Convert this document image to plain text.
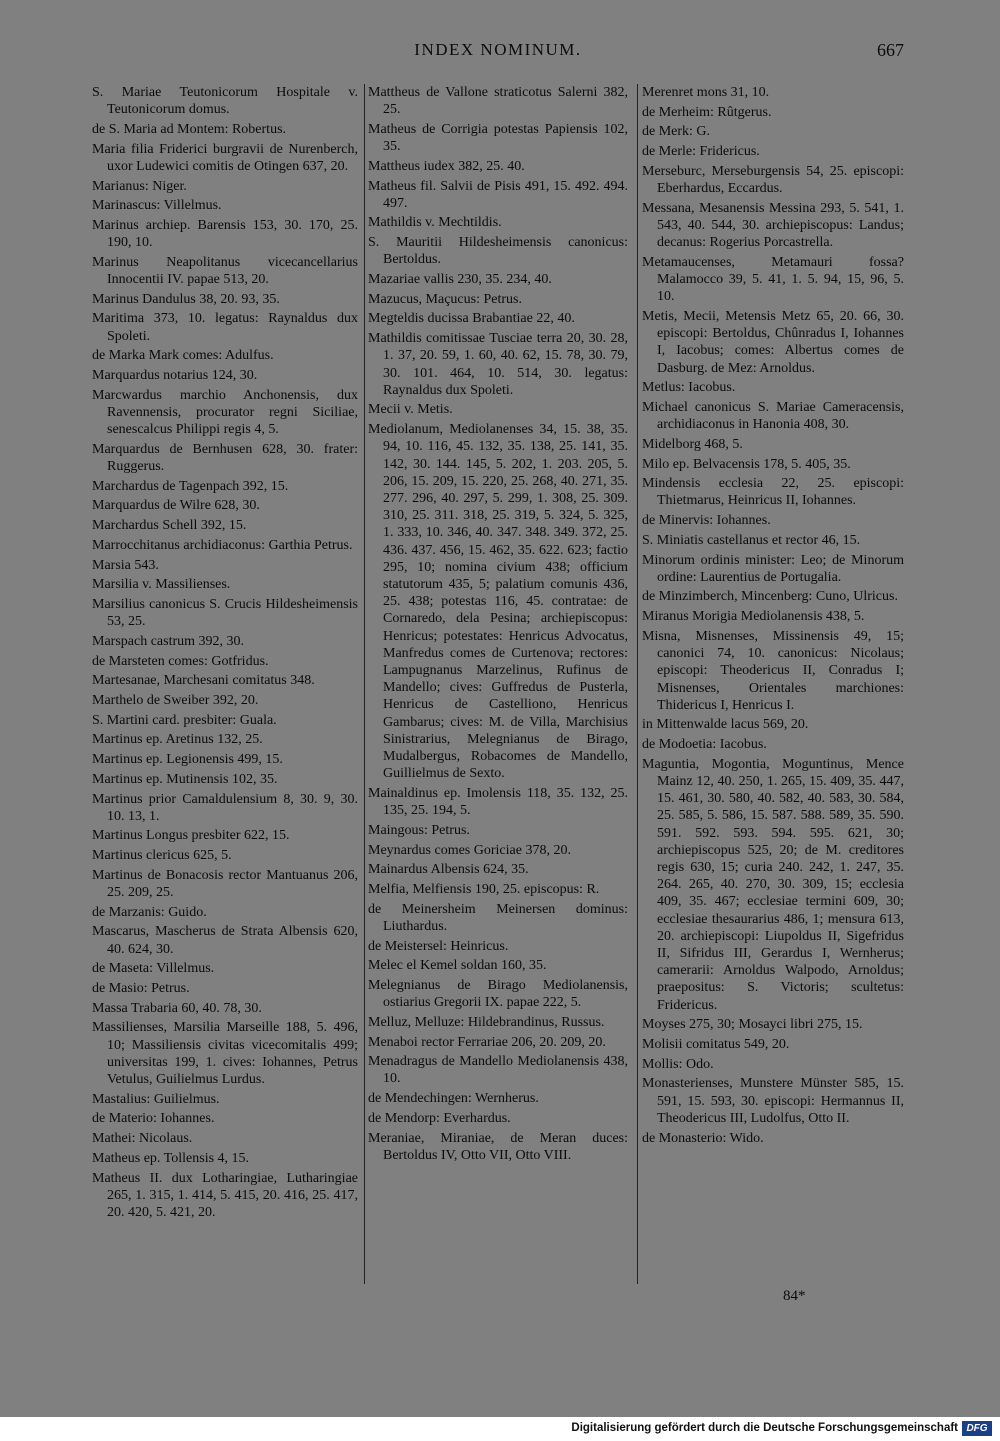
INDEX NOMINUM.	667

S. Mariae Teutonicorum Hospitale v. Teutonicorum domus.

de S. Maria ad Montem: Robertus.

Maria filia Friderici burgravii de Nurenberch, uxor Ludewici comitis de Otingen 637, 20.

Marianus: Niger.

Marinascus: Villelmus.

Marinus archiep. Barensis 153, 30. 170, 25. 190, 10.

Marinus Neapolitanus vicecancellarius Innocentii IV. papae 513, 20.

Marinus Dandulus 38, 20. 93, 35.

Maritima 373, 10. legatus: Raynaldus dux Spoleti.

de Marka Mark comes: Adulfus.

Marquardus notarius 124, 30.

Marcwardus marchio Anchonensis, dux Ravennensis, procurator regni Siciliae, senescalcus Philippi regis 4, 5.

Marquardus de Bernhusen 628, 30. frater: Ruggerus.

Marchardus de Tagenpach 392, 15.

Marquardus de Wilre 628, 30.

Marchardus Schell 392, 15.

Marrocchitanus archidiaconus: Garthia Petrus.

Marsia 543.

Marsilia v. Massilienses.

Marsilius canonicus S. Crucis Hildesheimensis 53, 25.

Marspach castrum 392, 30.

de Marsteten comes: Gotfridus.

Martesanae, Marchesani comitatus 348.

Marthelo de Sweiber 392, 20.

S. Martini card. presbiter: Guala.

Martinus ep. Aretinus 132, 25.

Martinus ep. Legionensis 499, 15.

Martinus ep. Mutinensis 102, 35.

Martinus prior Camaldulensium 8, 30. 9, 30. 10. 13, 1.

Martinus Longus presbiter 622, 15.

Martinus clericus 625, 5.

Martinus de Bonacosis rector Mantuanus 206, 25. 209, 25.

de Marzanis: Guido.

Mascarus, Mascherus de Strata Albensis 620, 40. 624, 30.

de Maseta: Villelmus.

de Masio: Petrus.

Massa Trabaria 60, 40. 78, 30.

Massilienses, Marsilia Marseille 188, 5. 496, 10; Massiliensis civitas vicecomitalis 499; universitas 199, 1. cives: Iohannes, Petrus Vetulus, Guilielmus Lurdus.

Mastalius: Guilielmus.

de Materio: Iohannes.

Mathei: Nicolaus.

Matheus ep. Tollensis 4, 15.

Matheus II. dux Lotharingiae, Lutharingiae 265, 1. 315, 1. 414, 5. 415, 20. 416, 25. 417, 20. 420, 5. 421, 20.

Mattheus de Vallone straticotus Salerni 382, 25.

Matheus de Corrigia potestas Papiensis 102, 35.

Mattheus iudex 382, 25. 40.

Matheus fil. Salvii de Pisis 491, 15. 492. 494. 497.

Mathildis v. Mechtildis.

S. Mauritii Hildesheimensis canonicus: Bertoldus.

Mazariae vallis 230, 35. 234, 40.

Mazucus, Maçucus: Petrus.

Megteldis ducissa Brabantiae 22, 40.

Mathildis comitissae Tusciae terra 20, 30. 28, 1. 37, 20. 59, 1. 60, 40. 62, 15. 78, 30. 79, 30. 101. 464, 10. 514, 30. legatus: Raynaldus dux Spoleti.

Mecii v. Metis.

Mediolanum, Mediolanenses 34, 15. 38, 35. 94, 10. 116, 45. 132, 35. 138, 25. 141, 35. 142, 30. 144. 145, 5. 202, 1. 203. 205, 5. 206, 15. 209, 15. 220, 25. 268, 40. 271, 35. 277. 296, 40. 297, 5. 299, 1. 308, 25. 309. 310, 25. 311. 318, 25. 319, 5. 324, 5. 325, 1. 333, 10. 346, 40. 347. 348. 349. 372, 25. 436. 437. 456, 15. 462, 35. 622. 623; factio 295, 10; nomina civium 438; officium statutorum 435, 5; palatium comunis 436, 25. 438; potestas 116, 45. contratae: de Cornaredo, dela Pesina; archiepiscopus: Henricus; potestates: Henricus Advocatus, Manfredus comes de Curtenova; rectores: Lampugnanus Marzelinus, Rufinus de Mandello; cives: Guffredus de Pusterla, Henricus de Castelliono, Henricus Gambarus; cives: M. de Villa, Marchisius Sinistrarius, Melegnianus de Birago, Mudalbergus, Robacomes de Mandello, Guillielmus de Sexto.

Mainaldinus ep. Imolensis 118, 35. 132, 25. 135, 25. 194, 5.

Maingous: Petrus.

Meynardus comes Goriciae 378, 20.

Mainardus Albensis 624, 35.

Melfia, Melfiensis 190, 25. episcopus: R.

de Meinersheim Meinersen dominus: Liuthardus.

de Meistersel: Heinricus.

Melec el Kemel soldan 160, 35.

Melegnianus de Birago Mediolanensis, ostiarius Gregorii IX. papae 222, 5.

Melluz, Melluze: Hildebrandinus, Russus.

Menaboi rector Ferrariae 206, 20. 209, 20.

Menadragus de Mandello Mediolanensis 438, 10.

de Mendechingen: Wernherus.

de Mendorp: Everhardus.

Meraniae, Miraniae, de Meran duces: Bertoldus IV, Otto VII, Otto VIII.

Merenret mons 31, 10.

de Merheim: Rûtgerus.

de Merk: G.

de Merle: Fridericus.

Merseburc, Merseburgensis 54, 25. episcopi: Eberhardus, Eccardus.

Messana, Mesanensis Messina 293, 5. 541, 1. 543, 40. 544, 30. archiepiscopus: Landus; decanus: Rogerius Porcastrella.

Metamaucenses, Metamauri fossa? Malamocco 39, 5. 41, 1. 5. 94, 15, 96, 5. 10.

Metis, Mecii, Metensis Metz 65, 20. 66, 30. episcopi: Bertoldus, Chûnradus I, Iohannes I, Iacobus; comes: Albertus comes de Dasburg. de Mez: Arnoldus.

Metlus: Iacobus.

Michael canonicus S. Mariae Cameracensis, archidiaconus in Hanonia 408, 30.

Midelborg 468, 5.

Milo ep. Belvacensis 178, 5. 405, 35.

Mindensis ecclesia 22, 25. episcopi: Thietmarus, Heinricus II, Iohannes.

de Minervis: Iohannes.

S. Miniatis castellanus et rector 46, 15.

Minorum ordinis minister: Leo; de Minorum ordine: Laurentius de Portugalia.

de Minzimberch, Mincenberg: Cuno, Ulricus.

Miranus Morigia Mediolanensis 438, 5.

Misna, Misnenses, Missinensis 49, 15; canonici 74, 10. canonicus: Nicolaus; episcopi: Theodericus II, Conradus I; Misnenses, Orientales marchiones: Thidericus I, Henricus I.

in Mittenwalde lacus 569, 20.

de Modoetia: Iacobus.

Maguntia, Mogontia, Moguntinus, Mence Mainz 12, 40. 250, 1. 265, 15. 409, 35. 447, 15. 461, 30. 580, 40. 582, 40. 583, 30. 584, 25. 585, 5. 586, 15. 587. 588. 589, 35. 590. 591. 592. 593. 594. 595. 621, 30; archiepiscopus 525, 20; de M. creditores regis 630, 15; curia 240. 242, 1. 247, 35. 264. 265, 40. 270, 30. 309, 15; ecclesia 409, 35. 467; ecclesiae termini 609, 30; ecclesiae thesaurarius 486, 1; mensura 613, 20. archiepiscopi: Liupoldus II, Sigefridus II, Sifridus III, Gerardus I, Wernherus; camerarii: Arnoldus Walpodo, Arnoldus; praepositus: S. Victoris; scultetus: Fridericus.

Moyses 275, 30; Mosayci libri 275, 15.

Molisii comitatus 549, 20.

Mollis: Odo.

Monasterienses, Munstere Münster 585, 15. 591, 15. 593, 30. episcopi: Hermannus II, Theodericus III, Ludolfus, Otto II.

de Monasterio: Wido.

84*
Digitalisierung gefördert durch die Deutsche Forschungsgemeinschaft DFG
